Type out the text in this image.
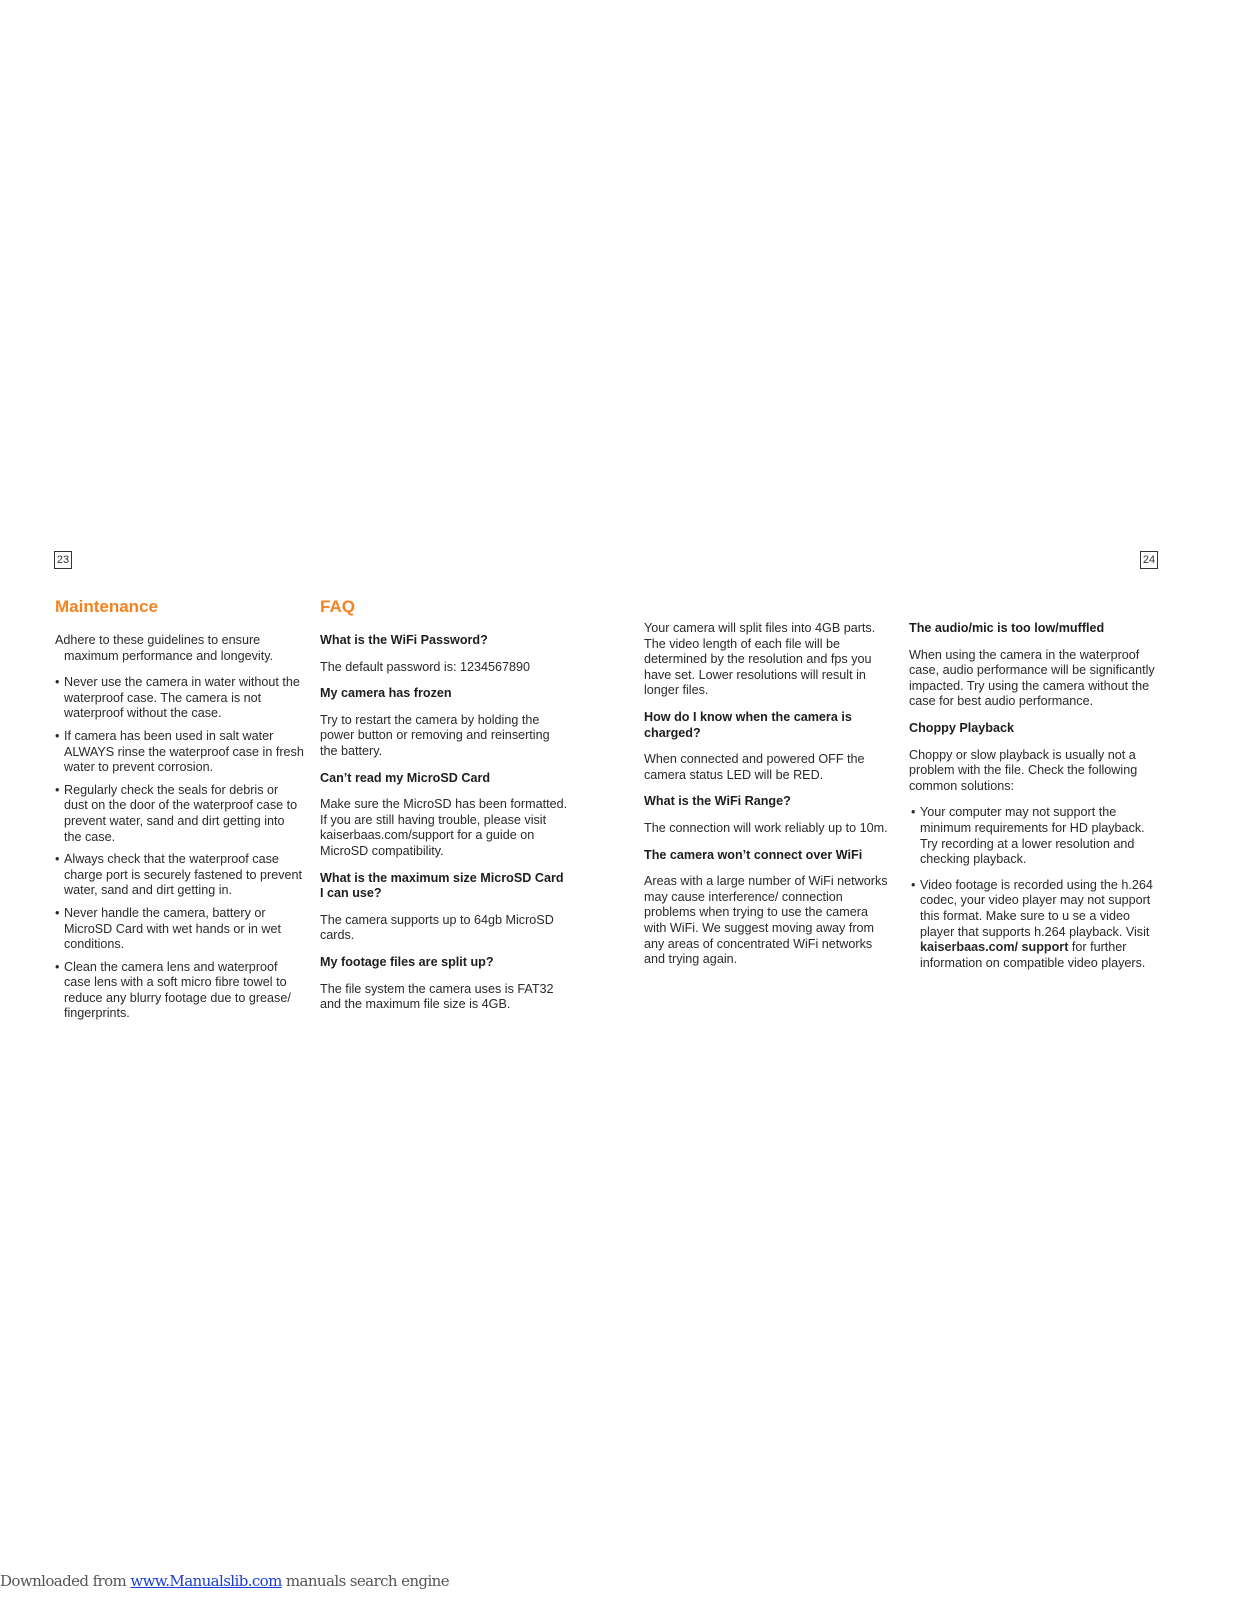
23	24
Maintenance

Adhere to these guidelines to ensure maximum performance and longevity.

• Never use the camera in water without the waterproof case. The camera is not waterproof without the case.
• If camera has been used in salt water ALWAYS rinse the waterproof case in fresh water to prevent corrosion.
• Regularly check the seals for debris or dust on the door of the waterproof case to prevent water, sand and dirt getting into the case.
• Always check that the waterproof case charge port is securely fastened to prevent water, sand and dirt getting in.
• Never handle the camera, battery or MicroSD Card with wet hands or in wet conditions.
• Clean the camera lens and waterproof case lens with a soft micro fibre towel to reduce any blurry footage due to grease/ fingerprints.
FAQ

What is the WiFi Password?

The default password is: 1234567890

My camera has frozen

Try to restart the camera by holding the power button or removing and reinserting the battery.

Can’t read my MicroSD Card

Make sure the MicroSD has been formatted. If you are still having trouble, please visit kaiserbaas.com/support for a guide on MicroSD compatibility.

What is the maximum size MicroSD Card I can use?

The camera supports up to 64gb MicroSD cards.

My footage files are split up?

The file system the camera uses is FAT32 and the maximum file size is 4GB.

Your camera will split files into 4GB parts. The video length of each file will be determined by the resolution and fps you have set. Lower resolutions will result in longer files.

How do I know when the camera is charged?

When connected and powered OFF the camera status LED will be RED.

What is the WiFi Range?

The connection will work reliably up to 10m.

The camera won’t connect over WiFi

Areas with a large number of WiFi networks may cause interference/ connection problems when trying to use the camera with WiFi. We suggest moving away from any areas of concentrated WiFi networks and trying again.

The audio/mic is too low/muffled

When using the camera in the waterproof case, audio performance will be significantly impacted. Try using the camera without the case for best audio performance.

Choppy Playback

Choppy or slow playback is usually not a problem with the file. Check the following common solutions:

• Your computer may not support the minimum requirements for HD playback. Try recording at a lower resolution and checking playback.
• Video footage is recorded using the h.264 codec, your video player may not support this format. Make sure to u se a video player that supports h.264 playback. Visit kaiserbaas.com/ support for further information on compatible video players.
Downloaded from www.Manualslib.com manuals search engine
